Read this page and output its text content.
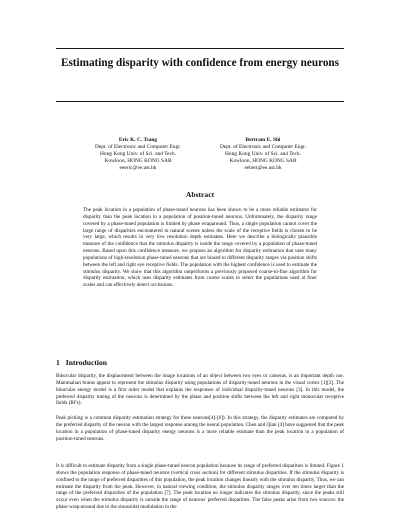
Estimating disparity with confidence from energy neurons
Eric K. C. Tsang
Dept. of Electronic and Computer Engr.
Hong Kong Univ. of Sci. and Tech.
Kowloon, HONG KONG SAR
eeeric@ee.ust.hk
Bertram E. Shi
Dept. of Electronic and Computer Engr.
Hong Kong Univ. of Sci. and Tech.
Kowloon, HONG KONG SAR
eebert@ee.ust.hk
Abstract
The peak location in a population of phase-tuned neurons has been shown to be a more reliable estimator for disparity than the peak location in a population of position-tuned neurons. Unfortunately, the disparity range covered by a phase-tuned population is limited by phase wraparound. Thus, a single population cannot cover the large range of disparities encountered in natural scenes unless the scale of the receptive fields is chosen to be very large, which results in very low resolution depth estimates. Here we describe a biologically plausible measure of the confidence that the stimulus disparity is inside the range covered by a population of phase-tuned neurons. Based upon this confidence measure, we propose an algorithm for disparity estimation that uses many populations of high-resolution phase-tuned neurons that are biased to different disparity ranges via position shifts between the left and right eye receptive fields. The population with the highest confidence is used to estimate the stimulus disparity. We show that this algorithm outperforms a previously proposed coarse-to-fine algorithm for disparity estimation, which uses disparity estimates from coarse scales to select the populations used at finer scales and can effectively detect occlusions.
1 Introduction

Binocular disparity, the displacement between the image locations of an object between two eyes or cameras, is an important depth cue. Mammalian brains appear to represent the stimulus disparity using populations of disparity-tuned neurons in the visual cortex [1][2]. The binocular energy model is a first order model that explains the responses of individual disparity-tuned neurons [3]. In this model, the preferred disparity tuning of the neurons is determined by the phase and position shifts between the left and right monocular receptive fields (RFs).

Peak picking is a common disparity estimation strategy for these neurons[4]-[6]). In this strategy, the disparity estimates are computed by the preferred disparity of the neuron with the largest response among the neural population. Chen and Qian [4] have suggested that the peak location in a population of phase-tuned disparity energy neurons is a more reliable estimate than the peak location in a population of position-tuned neurons.

It is difficult to estimate disparity from a single phase-tuned neuron population because its range of preferred disparities is limited. Figure 1 shows the population response of phase-tuned neurons (vertical cross section) for different stimulus disparities. If the stimulus disparity is confined to the range of preferred disparities of this population, the peak location changes linearly with the stimulus disparity. Thus, we can estimate the disparity from the peak. However, in natural viewing condition, the stimulus disparity ranges over ten times larger than the range of the preferred disparities of the population [7]. The peak location no longer indicates the stimulus disparity, since the peaks still occur even when the stimulus disparity is outside the range of neurons' preferred disparities. The false peaks arise from two sources: the phase wrap-around due to the sinusoidal modulation in the
